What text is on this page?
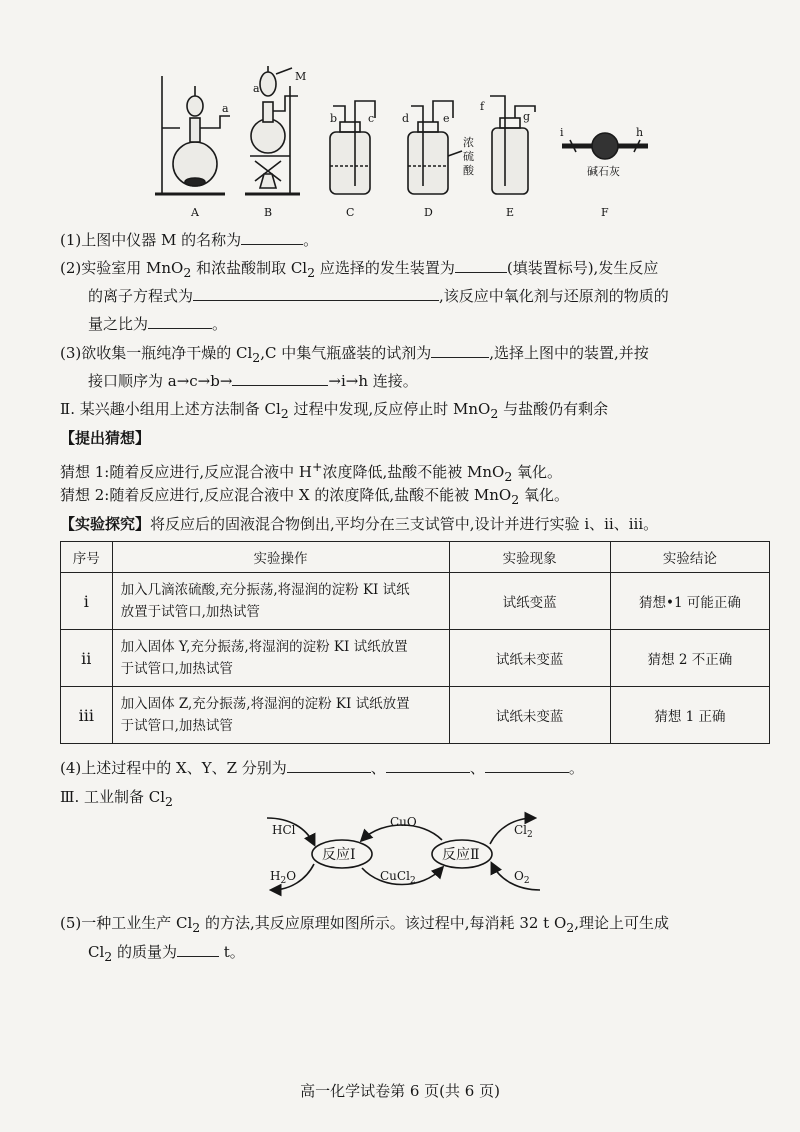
a
a
M
b	c	d	e
f
g
i	h
浓
硫
酸	碱石灰
A	B	C	D	E	F
(1)上图中仪器 M 的名称为	。
(2)实验室用 MnO$_2$ 和浓盐酸制取 $Cl_2$ 应选择的发生装置为	(填装置标号),发生反应
的离子方程式为	,该反应中氧化剂与还原剂的物质的
量之比为	。
(3)欲收集一瓶纯净干燥的 $Cl_2,C$ 中集气瓶盛装的试剂为	,选择上图中的装置,并按
接口顺序为 a→c→b→	→i→h 连接。
Ⅱ. 某兴趣小组用上述方法制备 $Cl_2$ 过程中发现,反应停止时 MnO$_2$ 与盐酸仍有剩余
【提出猜想】
猜想 1:随着反应进行,反应混合液中 H+浓度降低,盐酸不能被 MnO$_2$ 氧化。
猜想 2:随着反应进行,反应混合液中 X 的浓度降低,盐酸不能被 MnO$_2$ 氧化。
【实验探究】将反应后的固液混合物倒出,平均分在三支试管中,设计并进行实验 ⅰ、ⅱ、ⅲ。
序号	实验操作	实验现象	实验结论
ⅰ	加入几滴浓硫酸,充分振荡,将湿润的淀粉 KI 试纸
放置于试管口,加热试管	试纸变蓝	猜想•1 可能正确
ⅱ	加入固体 Y,充分振荡,将湿润的淀粉 KI 试纸放置
于试管口,加热试管	试纸未变蓝	猜想 2 不正确
ⅲ	加入固体 Z,充分振荡,将湿润的淀粉 KI 试纸放置
于试管口,加热试管	试纸未变蓝	猜想 1 正确
(4)上述过程中的 X、Y、Z 分别为	、	、	。
Ⅲ. 工业制备 $Cl_2$
反应Ⅰ	反应Ⅱ
HCl
$H_2O$
CuO
CuCl$_2$
$Cl_2$
$O_2$
(5)一种工业生产 $Cl_2$ 的方法,其反应原理如图所示。该过程中,每消耗 32 t $O_2$,理论上可生成
$Cl_2$ 的质量为	t。
高一化学试卷第 6 页(共 6 页)
